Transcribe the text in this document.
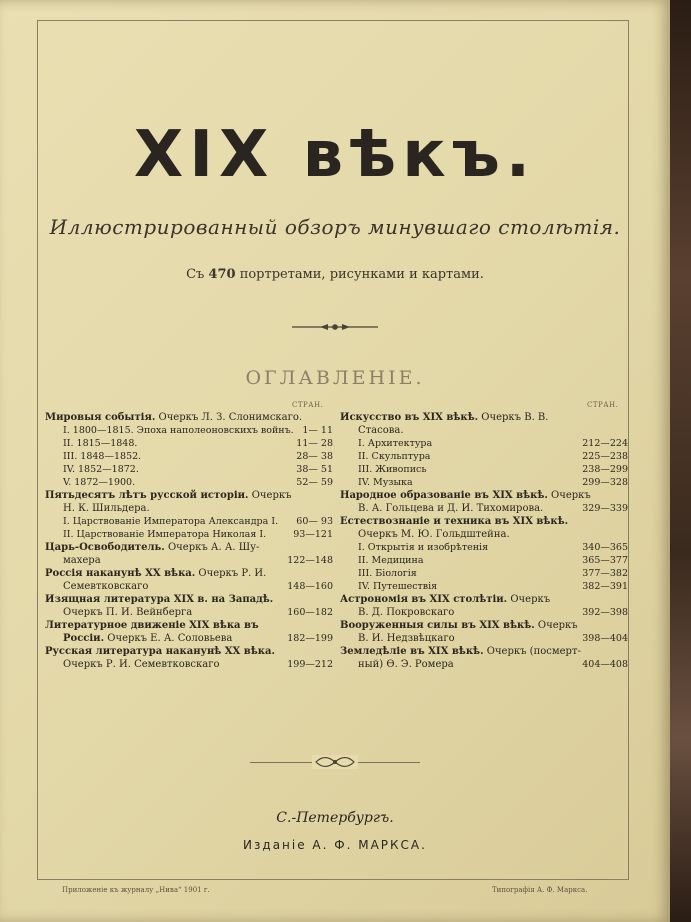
XIX вѣкъ.
Иллюстрированный обзоръ минувшаго столѣтія.
Съ 470 портретами, рисунками и картами.
ОГЛАВЛЕНІЕ.
СТРАН.	СТРАН.
Мировыя событія. Очеркъ Л. З. Слонимскаго.
I. 1800—1815. Эпоха наполеоновскихъ войнъ. 1— 11
II. 1815—1848.	11— 28
III. 1848—1852.	28— 38
IV. 1852—1872.	38— 51
V. 1872—1900.	52— 59
Пятьдесятъ лѣтъ русской исторіи. Очеркъ
Н. К. Шильдера.
I. Царствованіе Императора Александра I. 60— 93
II. Царствованіе Императора Николая I.	93—121
Царь-Освободитель. Очеркъ А. А. Шу-
махера	122—148
Россія наканунѣ XX вѣка. Очеркъ Р. И.
Семевтковскаго	148—160
Изящная литература XIX в. на Западѣ.
Очеркъ П. И. Вейнберга	160—182
Литературное движеніе XIX вѣка въ
Россіи. Очеркъ Е. А. Соловьева	182—199
Русская литература наканунѣ XX вѣка.
Очеркъ Р. И. Семевтковскаго	199—212
Искусство въ XIX вѣкѣ. Очеркъ В. В.
Стасова.
I. Архитектура	212—224
II. Скульптура	225—238
III. Живопись	238—299
IV. Музыка	299—328
Народное образованіе въ XIX вѣкѣ. Очеркъ
В. А. Гольцева и Д. И. Тихомирова.	329—339
Естествознаніе и техника въ XIX вѣкѣ.
Очеркъ М. Ю. Гольдштейна.
I. Открытія и изобрѣтенія	340—365
II. Медицина	365—377
III. Біологія	377—382
IV. Путешествія	382—391
Астрономія въ XIX столѣтіи. Очеркъ
В. Д. Покровскаго	392—398
Вооруженныя силы въ XIX вѣкѣ. Очеркъ
В. И. Недзвѣцкаго	398—404
Земледѣліе въ XIX вѣкѣ. Очеркъ (посмерт-
ный) Ѳ. Э. Ромера	404—408
С.-Петербургъ.
Изданіе А. Ф. МАРКСА.
Приложеніе къ журналу „Нива“ 1901 г.	Типографія А. Ф. Маркса.
